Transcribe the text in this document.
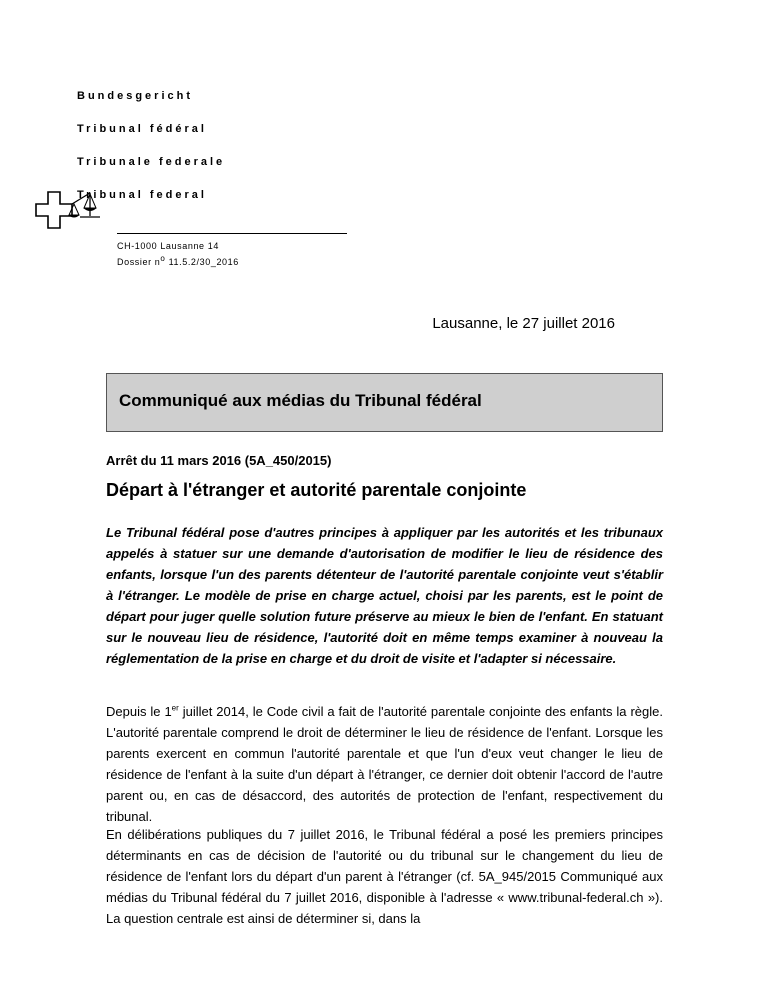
Bundesgericht
Tribunal fédéral
Tribunale federale
Tribunal federal
CH-1000 Lausanne 14
Dossier $n^o$ 11.5.2/30_2016
Lausanne, le 27 juillet 2016
Communiqué aux médias du Tribunal fédéral
Arrêt du 11 mars 2016 (5A_450/2015)
Départ à l'étranger et autorité parentale conjointe

Le Tribunal fédéral pose d'autres principes à appliquer par les autorités et les tribunaux appelés à statuer sur une demande d'autorisation de modifier le lieu de résidence des enfants, lorsque l'un des parents détenteur de l'autorité parentale conjointe veut s'établir à l'étranger. Le modèle de prise en charge actuel, choisi par les parents, est le point de départ pour juger quelle solution future préserve au mieux le bien de l'enfant. En statuant sur le nouveau lieu de résidence, l'autorité doit en même temps examiner à nouveau la réglementation de la prise en charge et du droit de visite et l'adapter si nécessaire.

Depuis le 1er juillet 2014, le Code civil a fait de l'autorité parentale conjointe des enfants la règle. L'autorité parentale comprend le droit de déterminer le lieu de résidence de l'enfant. Lorsque les parents exercent en commun l'autorité parentale et que l'un d'eux veut changer le lieu de résidence de l'enfant à la suite d'un départ à l'étranger, ce dernier doit obtenir l'accord de l'autre parent ou, en cas de désaccord, des autorités de protection de l'enfant, respectivement du tribunal.

En délibérations publiques du 7 juillet 2016, le Tribunal fédéral a posé les premiers principes déterminants en cas de décision de l'autorité ou du tribunal sur le changement du lieu de résidence de l'enfant lors du départ d'un parent à l'étranger (cf. 5A_945/2015 Communiqué aux médias du Tribunal fédéral du 7 juillet 2016, disponible à l'adresse « www.tribunal-federal.ch »). La question centrale est ainsi de déterminer si, dans la
